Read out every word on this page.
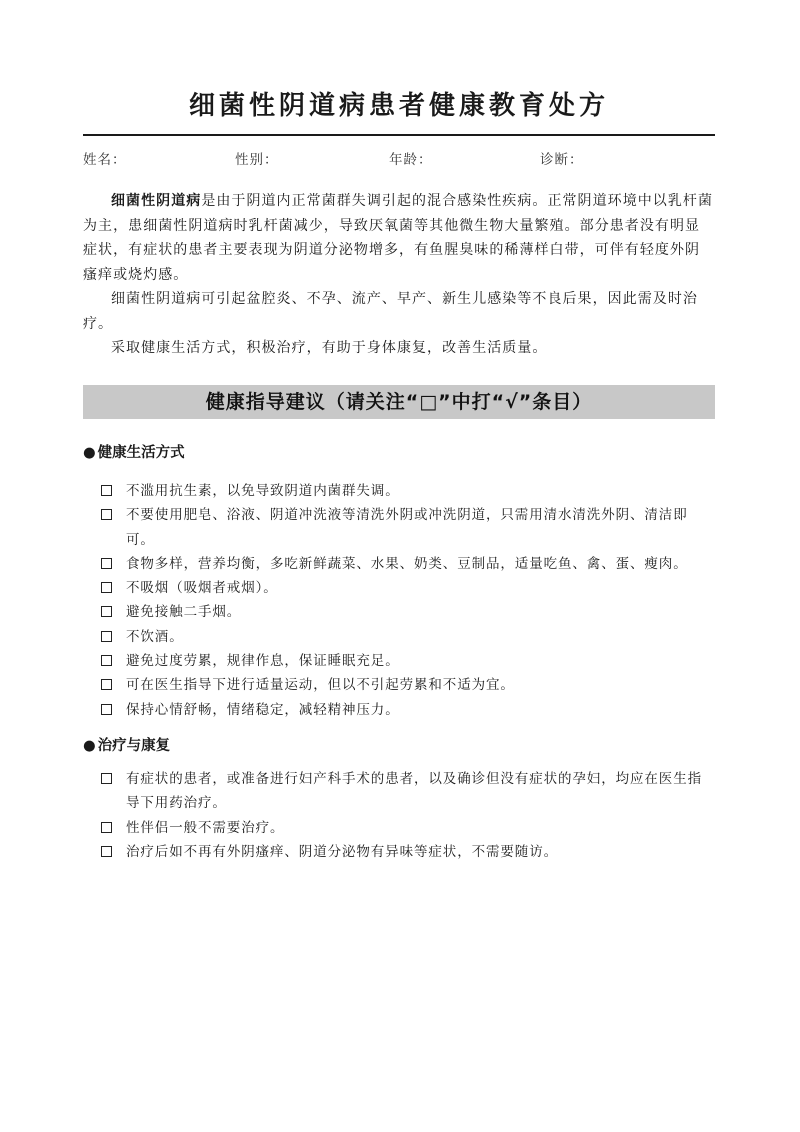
细菌性阴道病患者健康教育处方
姓名：	性别：	年龄：	诊断：

细菌性阴道病是由于阴道内正常菌群失调引起的混合感染性疾病。正常阴道环境中以乳杆菌为主，患细菌性阴道病时乳杆菌减少，导致厌氧菌等其他微生物大量繁殖。部分患者没有明显症状，有症状的患者主要表现为阴道分泌物增多，有鱼腥臭味的稀薄样白带，可伴有轻度外阴瘙痒或烧灼感。

细菌性阴道病可引起盆腔炎、不孕、流产、早产、新生儿感染等不良后果，因此需及时治疗。

采取健康生活方式，积极治疗，有助于身体康复，改善生活质量。

健康指导建议（请关注“□”中打“√”条目）
● 健康生活方式
不滥用抗生素，以免导致阴道内菌群失调。
不要使用肥皂、浴液、阴道冲洗液等清洗外阴或冲洗阴道，只需用清水清洗外阴、清洁即可。
食物多样，营养均衡，多吃新鲜蔬菜、水果、奶类、豆制品，适量吃鱼、禽、蛋、瘦肉。
不吸烟（吸烟者戒烟）。
避免接触二手烟。
不饮酒。
避免过度劳累，规律作息，保证睡眠充足。
可在医生指导下进行适量运动，但以不引起劳累和不适为宜。
保持心情舒畅，情绪稳定，减轻精神压力。
● 治疗与康复
有症状的患者，或准备进行妇产科手术的患者，以及确诊但没有症状的孕妇，均应在医生指导下用药治疗。
性伴侣一般不需要治疗。
治疗后如不再有外阴瘙痒、阴道分泌物有异味等症状，不需要随访。
